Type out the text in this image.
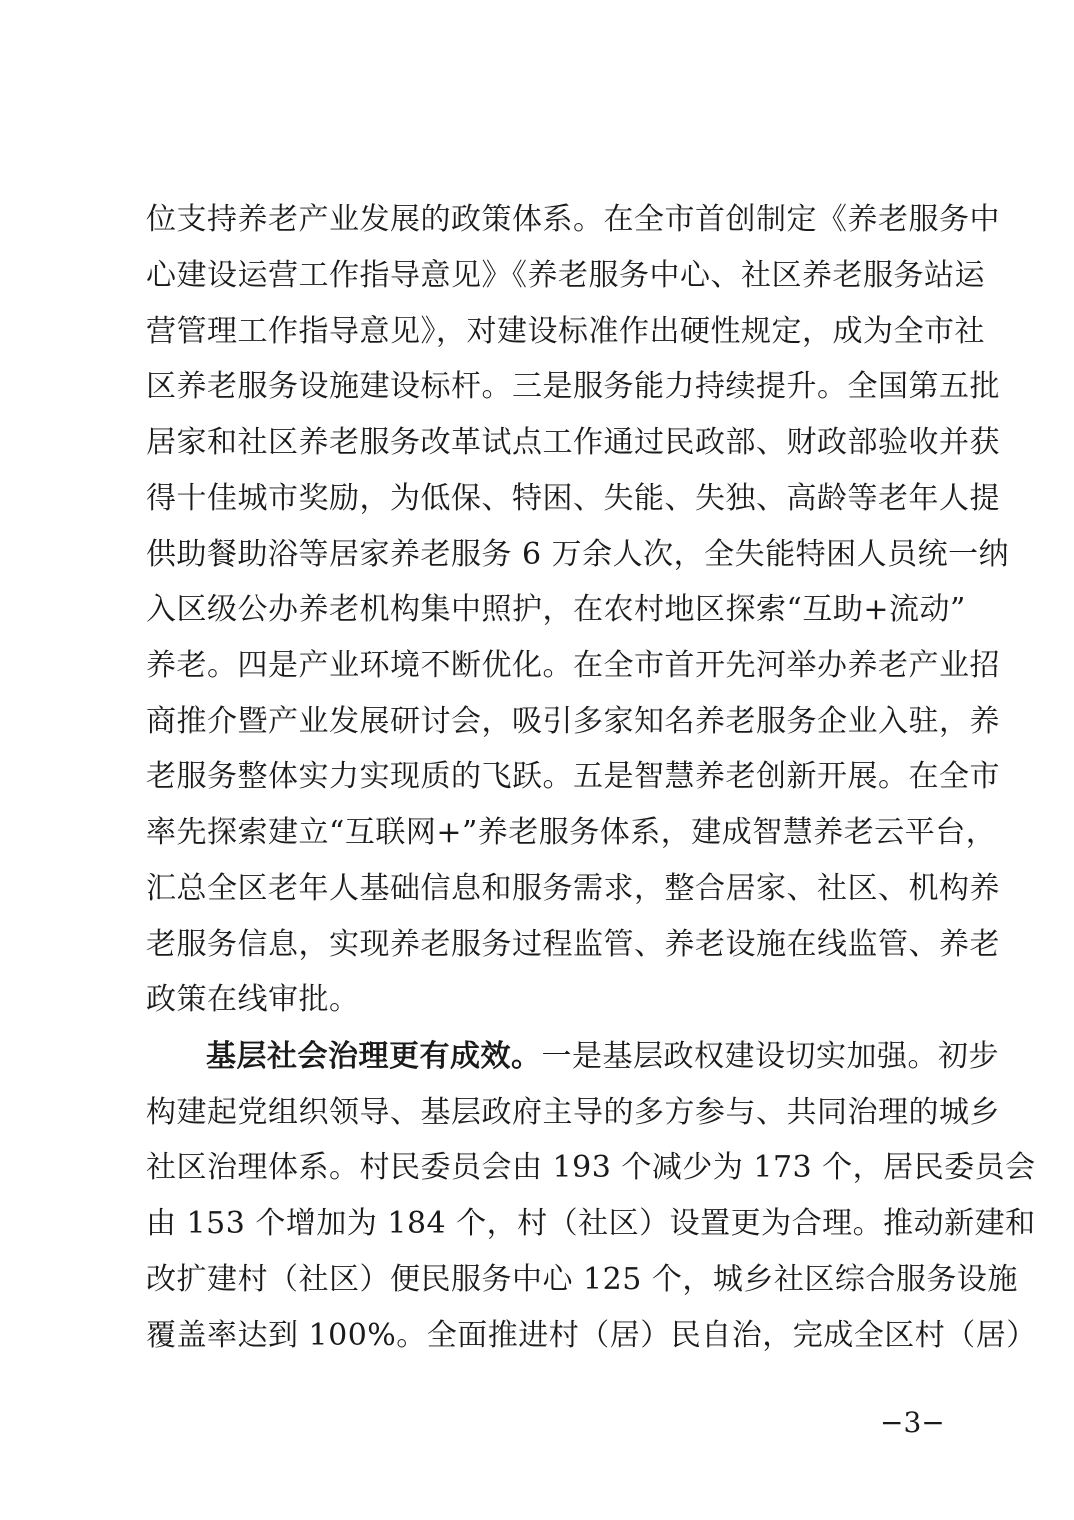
位支持养老产业发展的政策体系。在全市首创制定《养老服务中
心建设运营工作指导意见》《养老服务中心、社区养老服务站运
营管理工作指导意见》，对建设标准作出硬性规定，成为全市社
区养老服务设施建设标杆。三是服务能力持续提升。全国第五批
居家和社区养老服务改革试点工作通过民政部、财政部验收并获
得十佳城市奖励，为低保、特困、失能、失独、高龄等老年人提
供助餐助浴等居家养老服务 6 万余人次，全失能特困人员统一纳
入区级公办养老机构集中照护，在农村地区探索“互助+流动”
养老。四是产业环境不断优化。在全市首开先河举办养老产业招
商推介暨产业发展研讨会，吸引多家知名养老服务企业入驻，养
老服务整体实力实现质的飞跃。五是智慧养老创新开展。在全市
率先探索建立“互联网+”养老服务体系，建成智慧养老云平台，
汇总全区老年人基础信息和服务需求，整合居家、社区、机构养
老服务信息，实现养老服务过程监管、养老设施在线监管、养老
政策在线审批。
基层社会治理更有成效。一是基层政权建设切实加强。初步
构建起党组织领导、基层政府主导的多方参与、共同治理的城乡
社区治理体系。村民委员会由 193 个减少为 173 个，居民委员会
由 153 个增加为 184 个，村（社区）设置更为合理。推动新建和
改扩建村（社区）便民服务中心 125 个，城乡社区综合服务设施
覆盖率达到 100%。全面推进村（居）民自治，完成全区村（居）
−3−
